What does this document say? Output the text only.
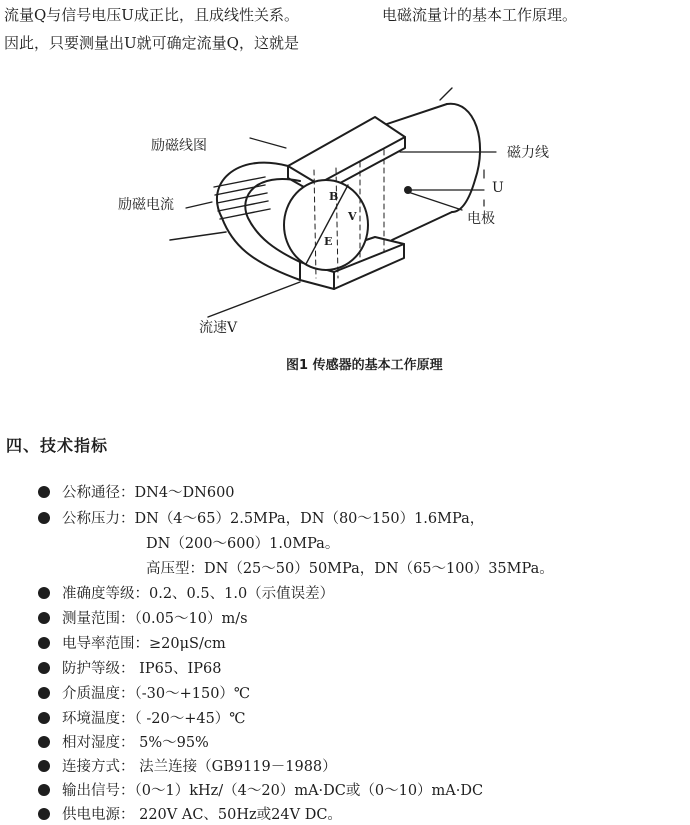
流量Q与信号电压U成正比，且成线性关系。	电磁流量计的基本工作原理。
因此，只要测量出U就可确定流量Q，这就是
励磁线图
励磁电流
磁力线
U
电极
流速V
B
V
E
图1 传感器的基本工作原理
四、技术指标
公称通径：DN4～DN600
公称压力：DN（4～65）2.5MPa，DN（80～150）1.6MPa，
DN（200～600）1.0MPa。
高压型：DN（25～50）50MPa，DN（65～100）35MPa。
准确度等级：0.2、0.5、1.0（示值误差）
测量范围：（0.05～10）m/s
电导率范围：≥20μS/cm
防护等级： IP65、IP68
介质温度：（-30～+150）℃
环境温度：（ -20～+45）℃
相对湿度： 5%～95%
连接方式： 法兰连接（GB9119－1988）
输出信号：（0～1）kHz/（4～20）mA·DC或（0～10）mA·DC
供电电源： 220V AC、50Hz或24V DC。
